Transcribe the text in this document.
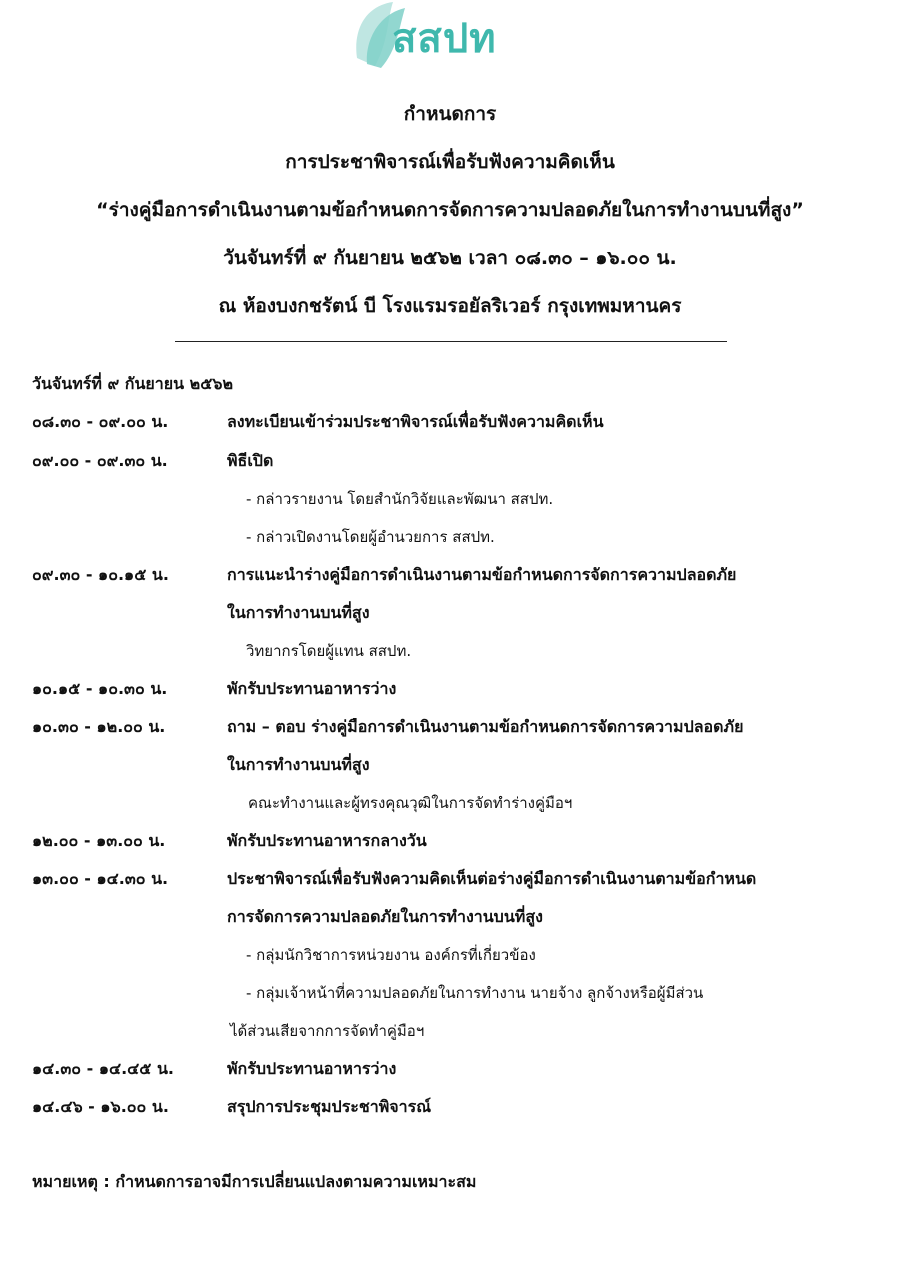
สสปท
กำหนดการ
การประชาพิจารณ์เพื่อรับฟังความคิดเห็น
“ร่างคู่มือการดำเนินงานตามข้อกำหนดการจัดการความปลอดภัยในการทำงานบนที่สูง”
วันจันทร์ที่ ๙ กันยายน ๒๕๖๒ เวลา ๐๘.๓๐ – ๑๖.๐๐ น.
ณ ห้องบงกชรัตน์ บี โรงแรมรอยัลริเวอร์ กรุงเทพมหานคร
วันจันทร์ที่ ๙ กันยายน ๒๕๖๒
๐๘.๓๐ - ๐๙.๐๐ น.	ลงทะเบียนเข้าร่วมประชาพิจารณ์เพื่อรับฟังความคิดเห็น
๐๙.๐๐ - ๐๙.๓๐ น.	พิธีเปิด
- กล่าวรายงาน โดยสำนักวิจัยและพัฒนา สสปท.
- กล่าวเปิดงานโดยผู้อำนวยการ สสปท.
๐๙.๓๐ - ๑๐.๑๕ น.	การแนะนำร่างคู่มือการดำเนินงานตามข้อกำหนดการจัดการความปลอดภัย
ในการทำงานบนที่สูง
วิทยากรโดยผู้แทน สสปท.
๑๐.๑๕ - ๑๐.๓๐ น.	พักรับประทานอาหารว่าง
๑๐.๓๐ - ๑๒.๐๐ น.	ถาม – ตอบ ร่างคู่มือการดำเนินงานตามข้อกำหนดการจัดการความปลอดภัย
ในการทำงานบนที่สูง
คณะทำงานและผู้ทรงคุณวุฒิในการจัดทำร่างคู่มือฯ
๑๒.๐๐ - ๑๓.๐๐ น.	พักรับประทานอาหารกลางวัน
๑๓.๐๐ - ๑๔.๓๐ น.	ประชาพิจารณ์เพื่อรับฟังความคิดเห็นต่อร่างคู่มือการดำเนินงานตามข้อกำหนด
การจัดการความปลอดภัยในการทำงานบนที่สูง
- กลุ่มนักวิชาการหน่วยงาน องค์กรที่เกี่ยวข้อง
- กลุ่มเจ้าหน้าที่ความปลอดภัยในการทำงาน นายจ้าง ลูกจ้างหรือผู้มีส่วน
ได้ส่วนเสียจากการจัดทำคู่มือฯ
๑๔.๓๐ - ๑๔.๔๕ น.	พักรับประทานอาหารว่าง
๑๔.๔๖ - ๑๖.๐๐ น.	สรุปการประชุมประชาพิจารณ์
หมายเหตุ : กำหนดการอาจมีการเปลี่ยนแปลงตามความเหมาะสม
